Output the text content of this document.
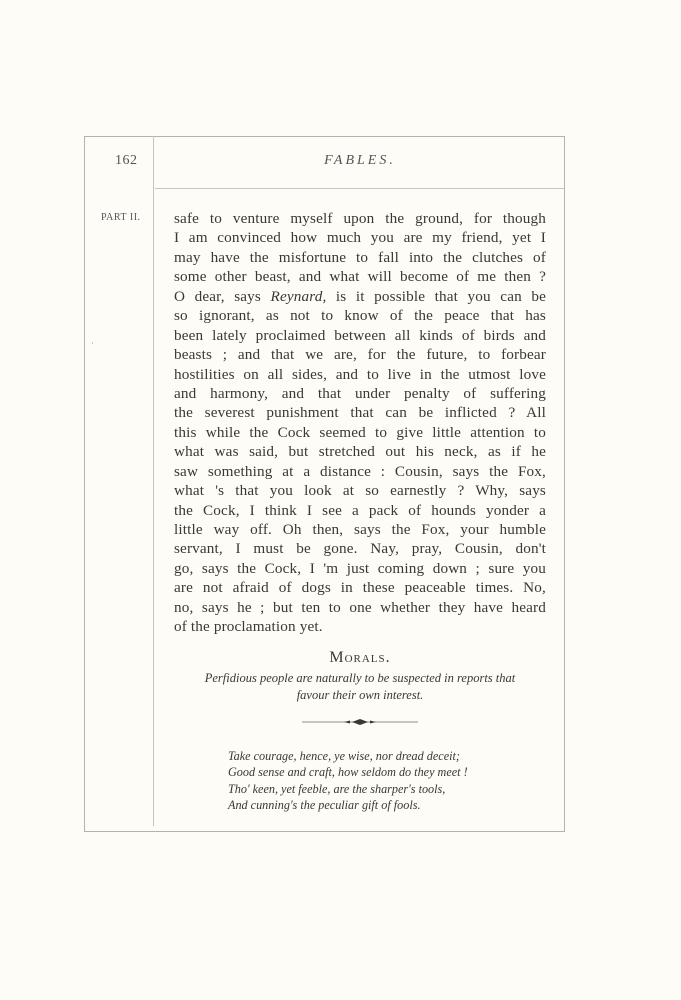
·
162	FABLES.
PART II. safe to venture myself upon the ground, for though
I am convinced how much you are my friend, yet I
may have the misfortune to fall into the clutches of
some other beast, and what will become of me then ?
O dear, says Reynard, is it possible that you can be
so ignorant, as not to know of the peace that has
been lately proclaimed between all kinds of birds and
beasts ; and that we are, for the future, to forbear
hostilities on all sides, and to live in the utmost love
and harmony, and that under penalty of suffering
the severest punishment that can be inflicted ? All
this while the Cock seemed to give little attention to
what was said, but stretched out his neck, as if he
saw something at a distance : Cousin, says the Fox,
what 's that you look at so earnestly ? Why, says
the Cock, I think I see a pack of hounds yonder a
little way off. Oh then, says the Fox, your humble
servant, I must be gone. Nay, pray, Cousin, don't
go, says the Cock, I 'm just coming down ; sure you
are not afraid of dogs in these peaceable times. No,
no, says he ; but ten to one whether they have heard
of the proclamation yet.
Morals.
Perfidious people are naturally to be suspected in reports that
favour their own interest.
Take courage, hence, ye wise, nor dread deceit;
Good sense and craft, how seldom do they meet !
Tho' keen, yet feeble, are the sharper's tools,
And cunning's the peculiar gift of fools.
